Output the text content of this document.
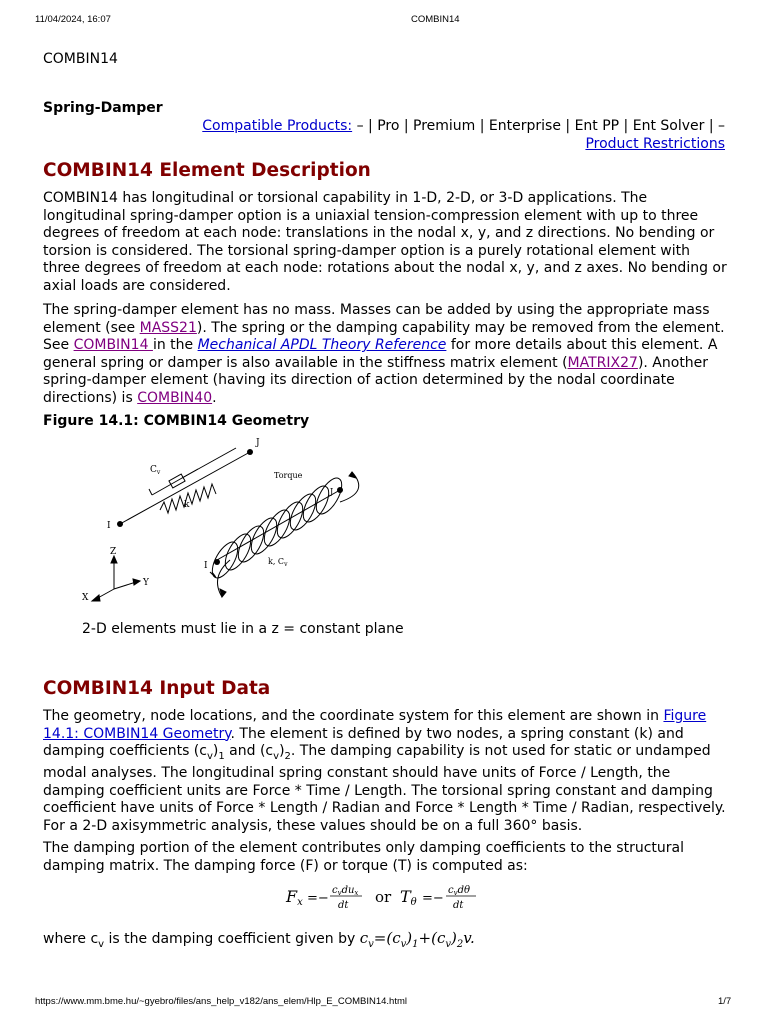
11/04/2024, 16:07	COMBIN14
COMBIN14
Spring-Damper
Compatible Products: – | Pro | Premium | Enterprise | Ent PP | Ent Solver | –
Product Restrictions
COMBIN14 Element Description
COMBIN14 has longitudinal or torsional capability in 1-D, 2-D, or 3-D applications. The longitudinal spring-damper option is a uniaxial tension-compression element with up to three degrees of freedom at each node: translations in the nodal x, y, and z directions. No bending or torsion is considered. The torsional spring-damper option is a purely rotational element with three degrees of freedom at each node: rotations about the nodal x, y, and z axes. No bending or axial loads are considered.
The spring-damper element has no mass. Masses can be added by using the appropriate mass element (see MASS21). The spring or the damping capability may be removed from the element. See COMBIN14 in the Mechanical APDL Theory Reference for more details about this element. A general spring or damper is also available in the stiffness matrix element (MATRIX27). Another spring-damper element (having its direction of action determined by the nodal coordinate directions) is COMBIN40.
Figure 14.1: COMBIN14 Geometry
J
$C_v$
k
I
Torque
I
J
k, $C_v$
Z
Y
X
2-D elements must lie in a z = constant plane
COMBIN14 Input Data
The geometry, node locations, and the coordinate system for this element are shown in Figure 14.1: COMBIN14 Geometry. The element is defined by two nodes, a spring constant (k) and damping coefficients $(c_v)_1$ and $(c_v)_2$. The damping capability is not used for static or undamped modal analyses. The longitudinal spring constant should have units of Force / Length, the damping coefficient units are Force * Time / Length. The torsional spring constant and damping coefficient have units of Force * Length / Radian and Force * Length * Time / Radian, respectively. For a 2-D axisymmetric analysis, these values should be on a full 360° basis.
The damping portion of the element contributes only damping coefficients to the structural damping matrix. The damping force (F) or torque (T) is computed as:
where $c_v$ is the damping coefficient given by $c_v=(c_v)_1+(c_v)_2v$.
Fx =−
$c_vdu_x$
dt or Tθ =−
$c_vd\theta$
dt
https://www.mm.bme.hu/~gyebro/files/ans_help_v182/ans_elem/Hlp_E_COMBIN14.html	1/7
